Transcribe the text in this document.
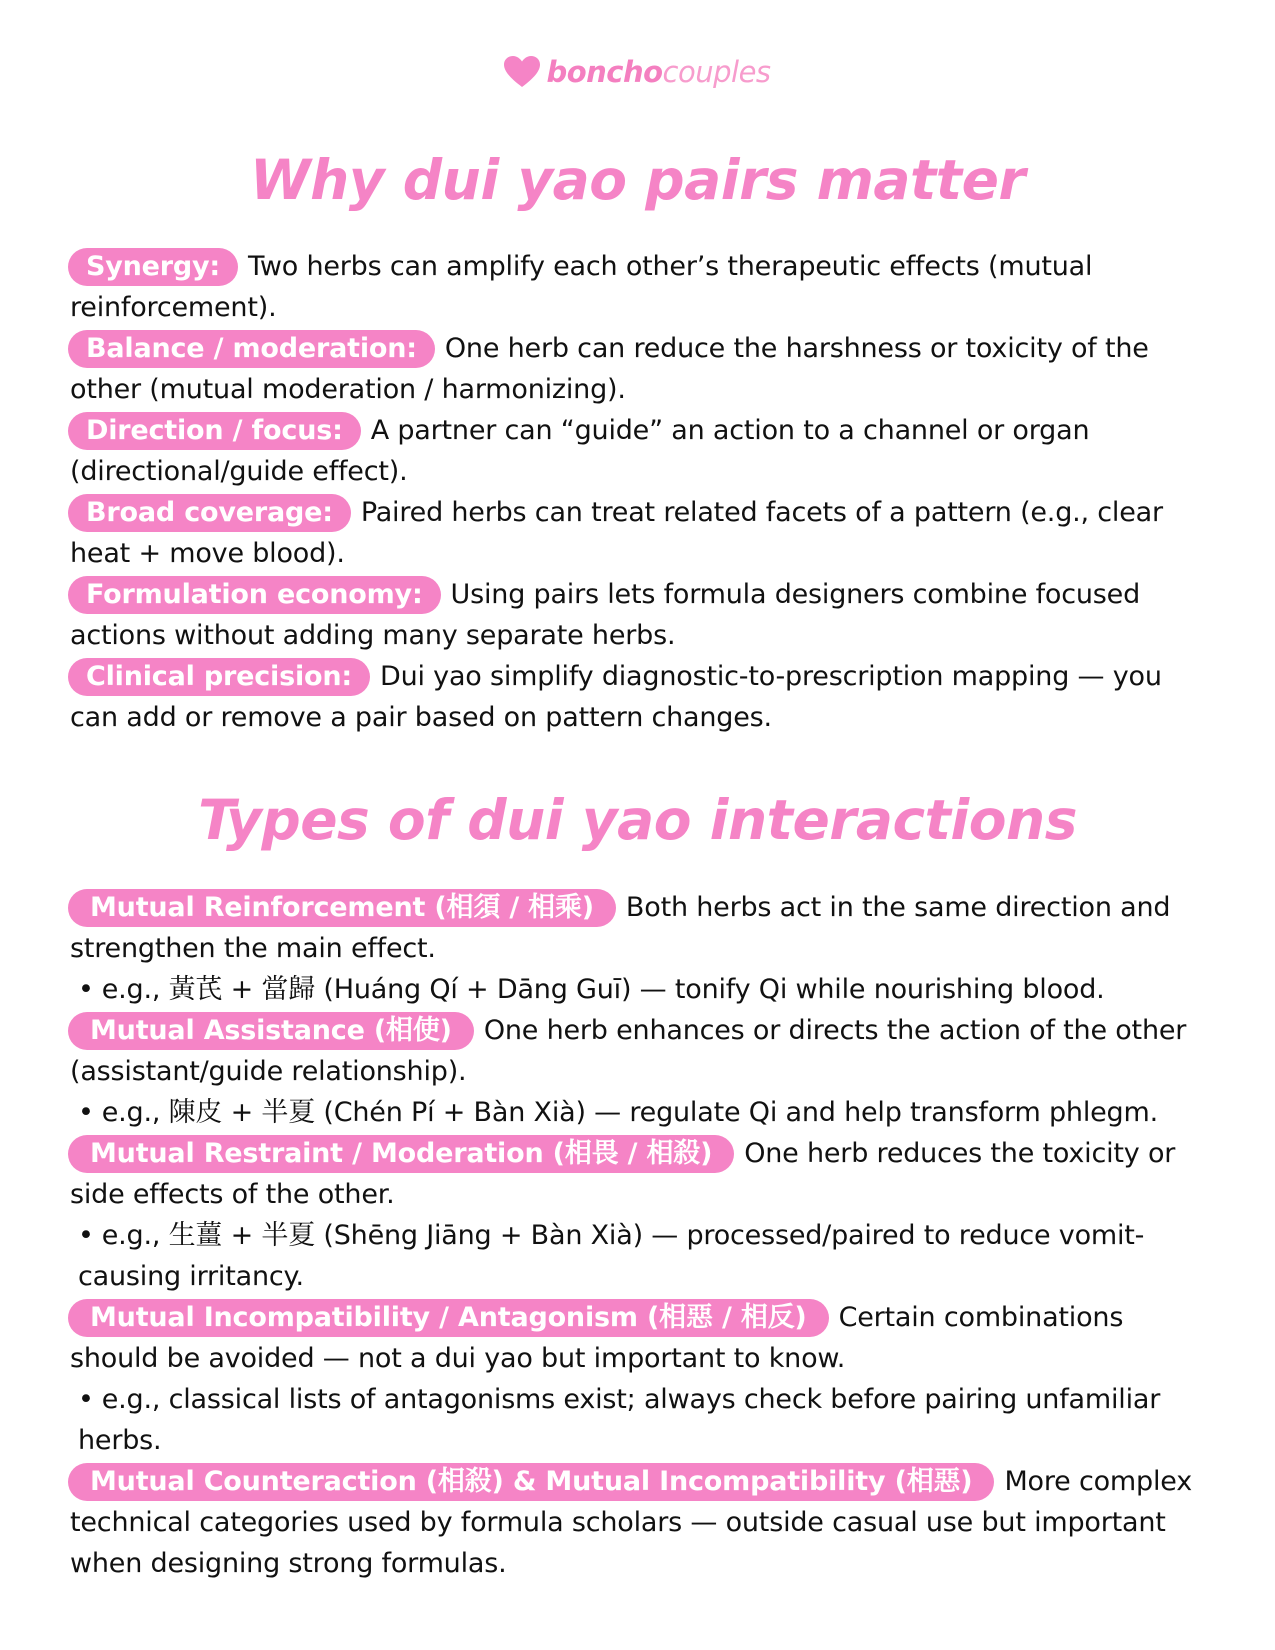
bonchocouples
Why dui yao pairs matter

Synergy: Two herbs can amplify each other’s therapeutic effects (mutual reinforcement).

Balance / moderation: One herb can reduce the harshness or toxicity of the other (mutual moderation / harmonizing).

Direction / focus: A partner can “guide” an action to a channel or organ (directional/guide effect).

Broad coverage: Paired herbs can treat related facets of a pattern (e.g., clear heat + move blood).

Formulation economy: Using pairs lets formula designers combine focused actions without adding many separate herbs.

Clinical precision: Dui yao simplify diagnostic-to-prescription mapping — you can add or remove a pair based on pattern changes.

Types of dui yao interactions

Mutual Reinforcement (相須 / 相乘) Both herbs act in the same direction and strengthen the main effect.

• e.g., 黃芪 + 當歸 (Huáng Qí + Dāng Guī) — tonify Qi while nourishing blood.

Mutual Assistance (相使) One herb enhances or directs the action of the other (assistant/guide relationship).

• e.g., 陳皮 + 半夏 (Chén Pí + Bàn Xià) — regulate Qi and help transform phlegm.

Mutual Restraint / Moderation (相畏 / 相殺) One herb reduces the toxicity or side effects of the other.

• e.g., 生薑 + 半夏 (Shēng Jiāng + Bàn Xià) — processed/paired to reduce vomit-causing irritancy.

Mutual Incompatibility / Antagonism (相惡 / 相反) Certain combinations should be avoided — not a dui yao but important to know.

• e.g., classical lists of antagonisms exist; always check before pairing unfamiliar herbs.

Mutual Counteraction (相殺) & Mutual Incompatibility (相惡) More complex technical categories used by formula scholars — outside casual use but important when designing strong formulas.
